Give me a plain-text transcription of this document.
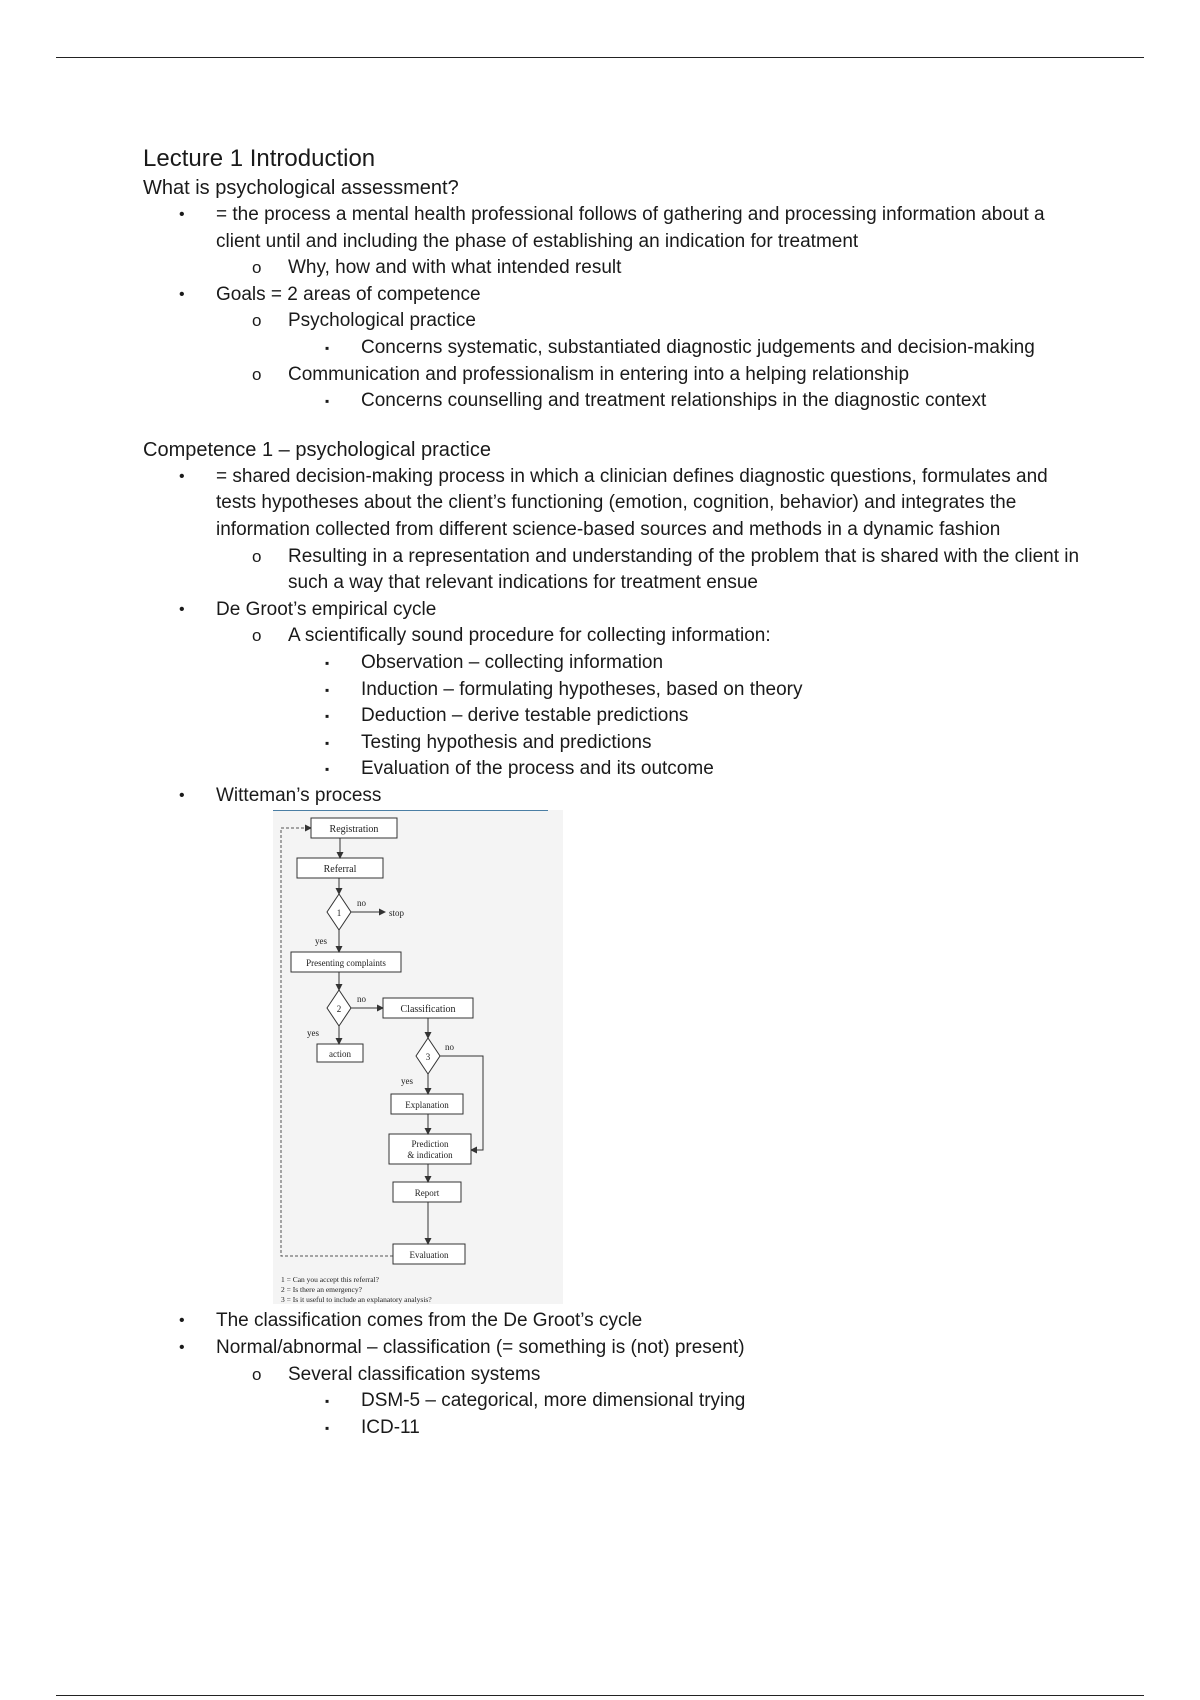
Lecture 1 Introduction
What is psychological assessment?
• = the process a mental health professional follows of gathering and processing information about a client until and including the phase of establishing an indication for treatment
o Why, how and with what intended result
• Goals = 2 areas of competence
o Psychological practice
▪ Concerns systematic, substantiated diagnostic judgements and decision-making
o Communication and professionalism in entering into a helping relationship
▪ Concerns counselling and treatment relationships in the diagnostic context
Competence 1 – psychological practice
• = shared decision-making process in which a clinician defines diagnostic questions, formulates and tests hypotheses about the client’s functioning (emotion, cognition, behavior) and integrates the information collected from different science-based sources and methods in a dynamic fashion
o Resulting in a representation and understanding of the problem that is shared with the client in such a way that relevant indications for treatment ensue
• De Groot’s empirical cycle
o A scientifically sound procedure for collecting information:
▪ Observation – collecting information
▪ Induction – formulating hypotheses, based on theory
▪ Deduction – derive testable predictions
▪ Testing hypothesis and predictions
▪ Evaluation of the process and its outcome
• Witteman’s process
Registration
Referral
1
no
stop
yes
Presenting complaints
2
no
Classification
yes
action	3
no
yes
Explanation
Prediction
& indication
Report
Evaluation
1 = Can you accept this referral?
2 = Is there an emergency?
3 = Is it useful to include an explanatory analysis?
• The classification comes from the De Groot’s cycle
• Normal/abnormal – classification (= something is (not) present)
o Several classification systems
▪ DSM-5 – categorical, more dimensional trying
▪ ICD-11
